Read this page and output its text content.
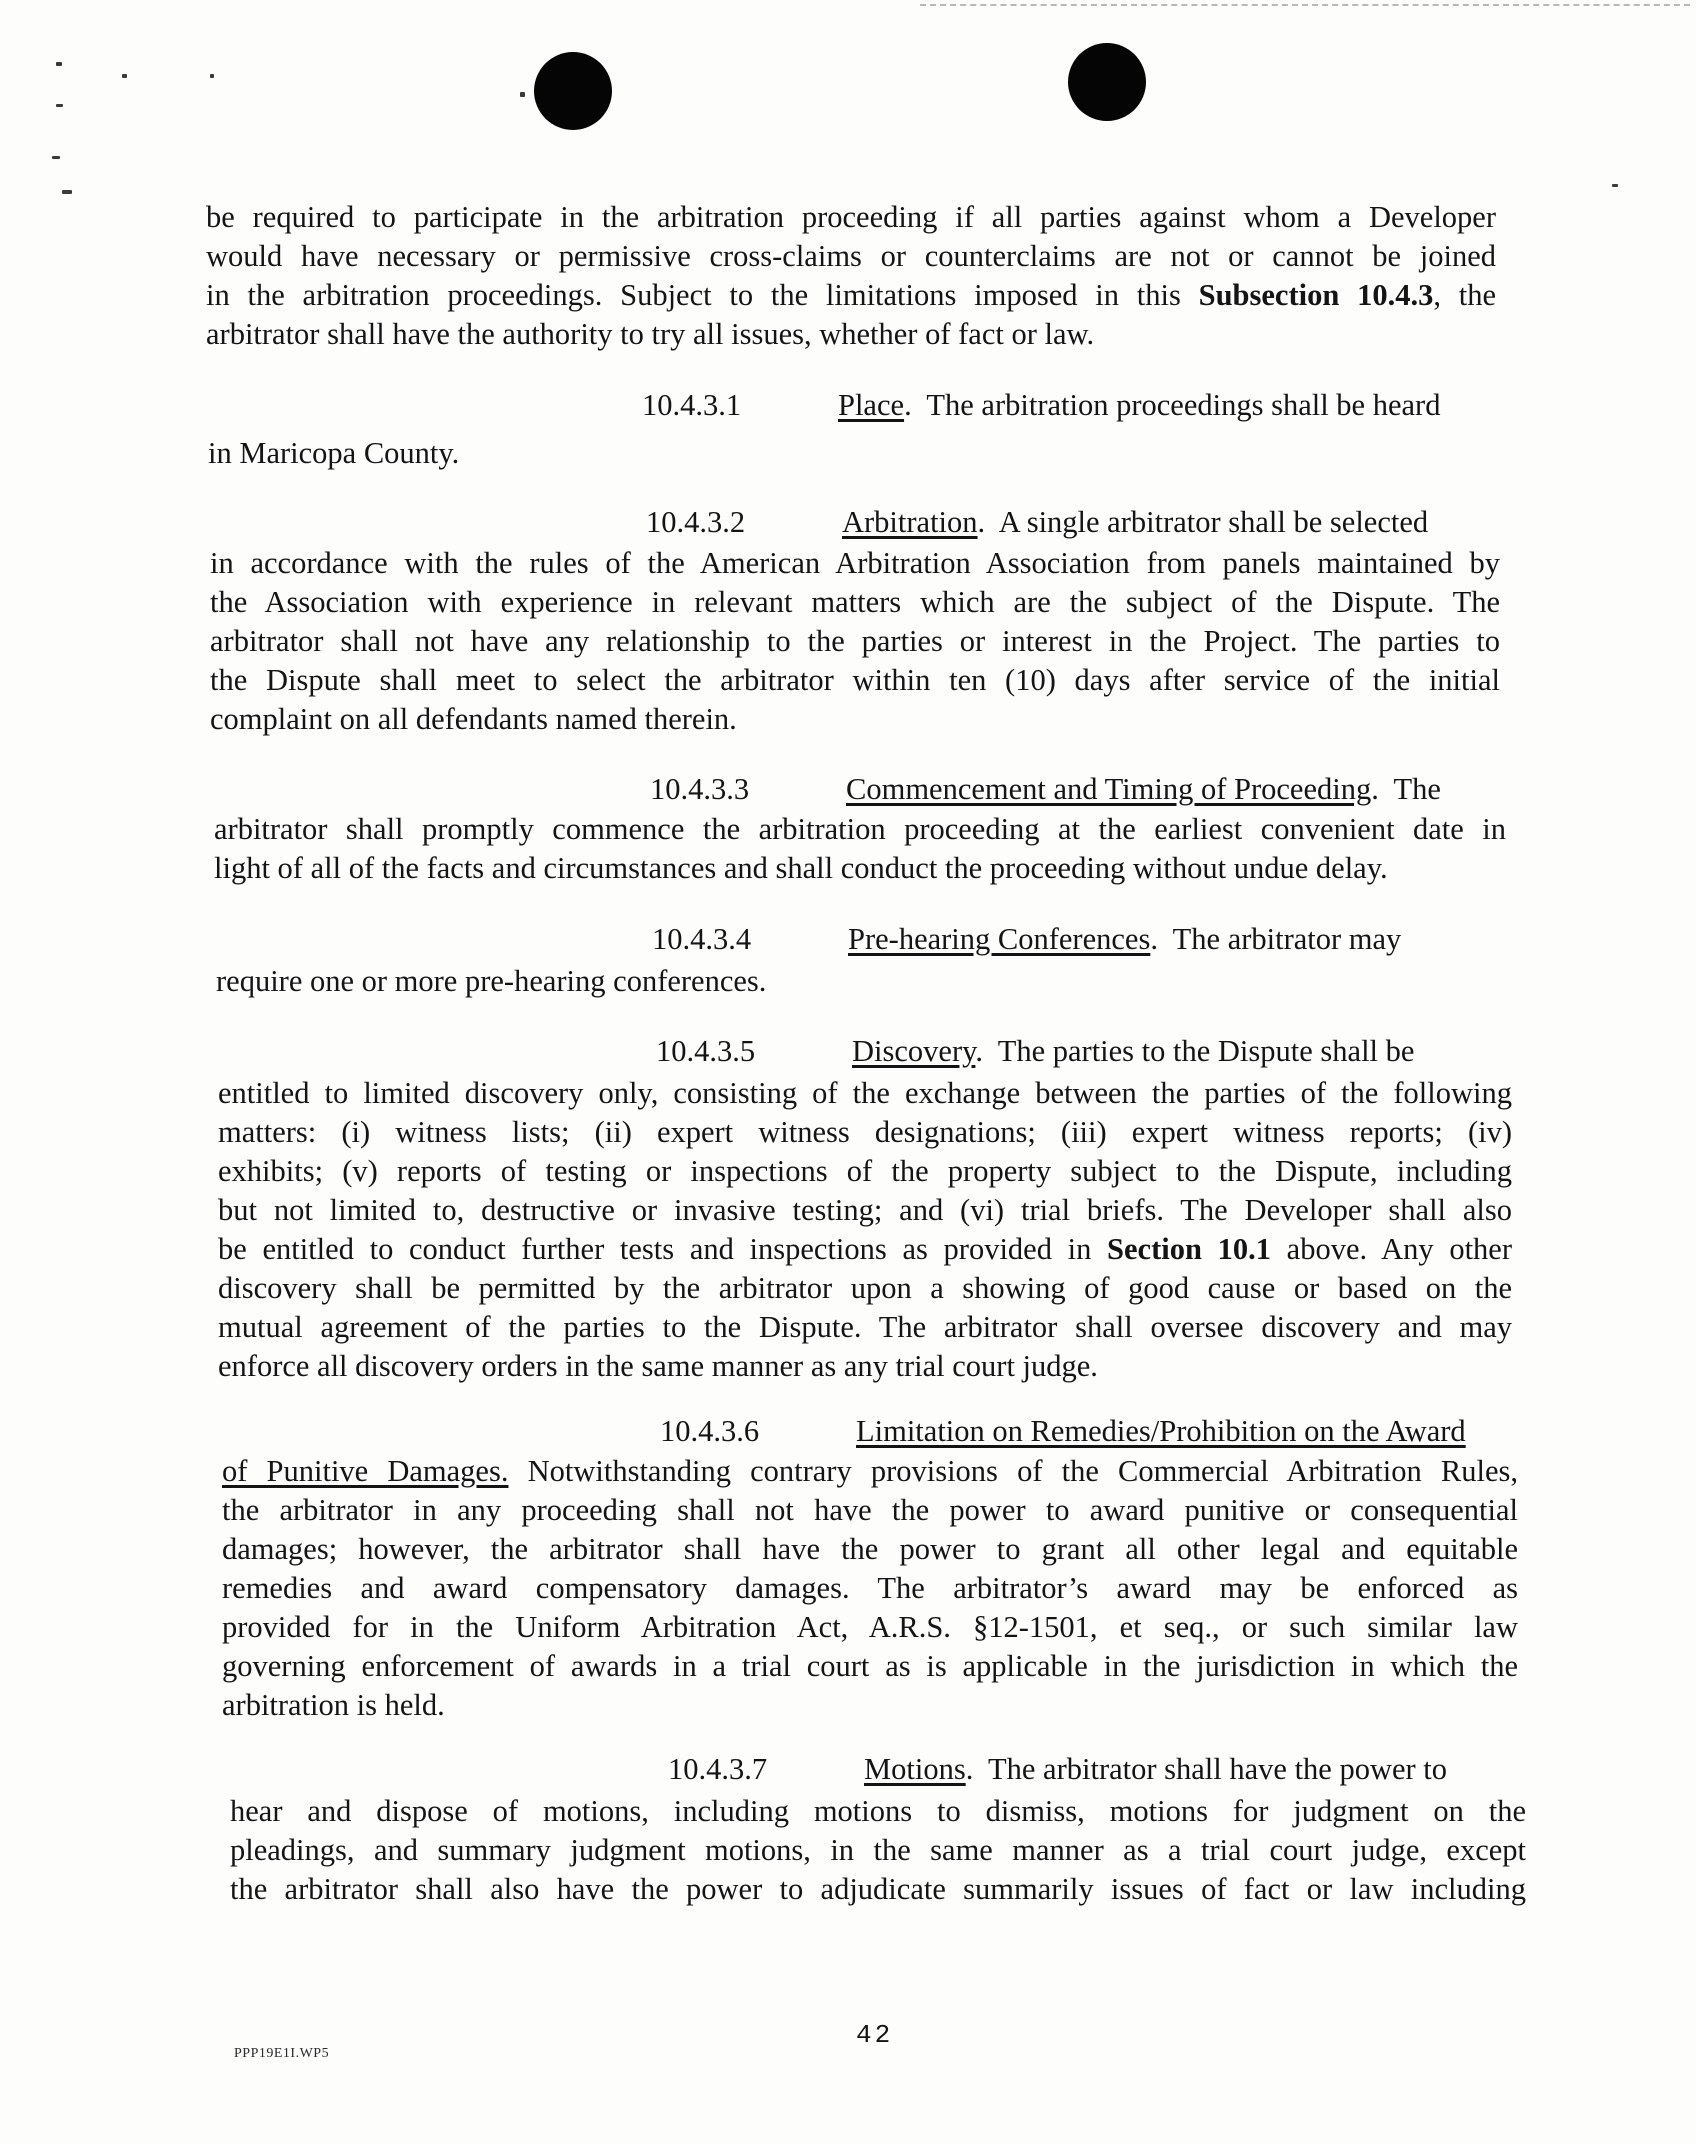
be required to participate in the arbitration proceeding if all parties against whom a Developer
would have necessary or permissive cross-claims or counterclaims are not or cannot be joined
in the arbitration proceedings. Subject to the limitations imposed in this Subsection 10.4.3, the
arbitrator shall have the authority to try all issues, whether of fact or law.
10.4.3.1	Place.  The arbitration proceedings shall be heard
in Maricopa County.
10.4.3.2	Arbitration.  A single arbitrator shall be selected
in accordance with the rules of the American Arbitration Association from panels maintained by
the Association with experience in relevant matters which are the subject of the Dispute. The
arbitrator shall not have any relationship to the parties or interest in the Project. The parties to
the Dispute shall meet to select the arbitrator within ten (10) days after service of the initial
complaint on all defendants named therein.
10.4.3.3	Commencement and Timing of Proceeding.  The
arbitrator shall promptly commence the arbitration proceeding at the earliest convenient date in
light of all of the facts and circumstances and shall conduct the proceeding without undue delay.
10.4.3.4	Pre-hearing Conferences.  The arbitrator may
require one or more pre-hearing conferences.
10.4.3.5	Discovery.  The parties to the Dispute shall be
entitled to limited discovery only, consisting of the exchange between the parties of the following
matters: (i) witness lists; (ii) expert witness designations; (iii) expert witness reports; (iv)
exhibits; (v) reports of testing or inspections of the property subject to the Dispute, including
but not limited to, destructive or invasive testing; and (vi) trial briefs. The Developer shall also
be entitled to conduct further tests and inspections as provided in Section 10.1 above. Any other
discovery shall be permitted by the arbitrator upon a showing of good cause or based on the
mutual agreement of the parties to the Dispute. The arbitrator shall oversee discovery and may
enforce all discovery orders in the same manner as any trial court judge.
10.4.3.6	Limitation on Remedies/Prohibition on the Award
of Punitive Damages. Notwithstanding contrary provisions of the Commercial Arbitration Rules,
the arbitrator in any proceeding shall not have the power to award punitive or consequential
damages; however, the arbitrator shall have the power to grant all other legal and equitable
remedies and award compensatory damages. The arbitrator’s award may be enforced as
provided for in the Uniform Arbitration Act, A.R.S. §12-1501, et seq., or such similar law
governing enforcement of awards in a trial court as is applicable in the jurisdiction in which the
arbitration is held.
10.4.3.7	Motions.  The arbitrator shall have the power to
hear and dispose of motions, including motions to dismiss, motions for judgment on the
pleadings, and summary judgment motions, in the same manner as a trial court judge, except
the arbitrator shall also have the power to adjudicate summarily issues of fact or law including
42
PPP19E1I.WP5
